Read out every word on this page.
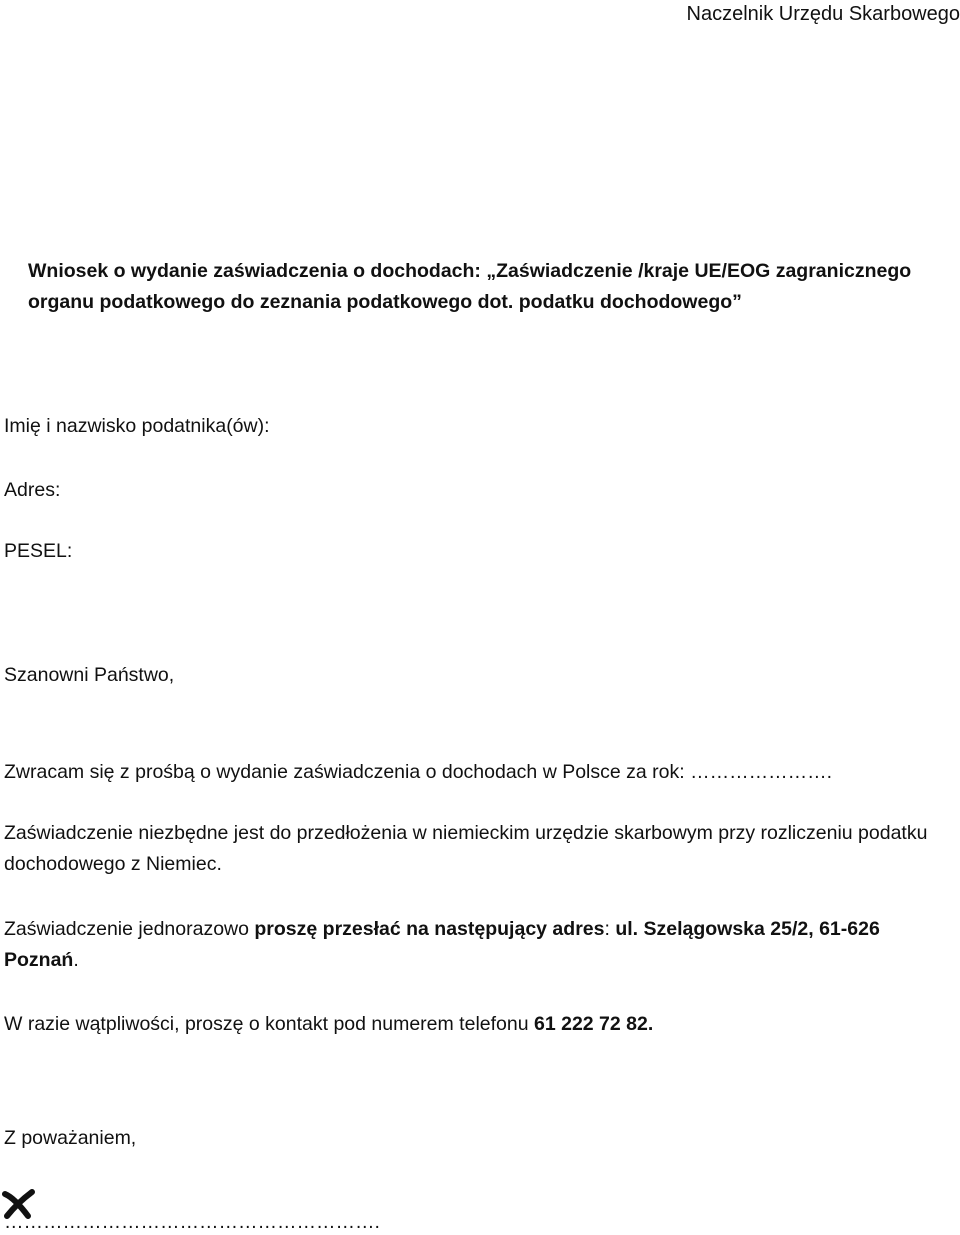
Naczelnik Urzędu Skarbowego
Wniosek o wydanie zaświadczenia o dochodach: „Zaświadczenie /kraje UE/EOG zagranicznego
organu podatkowego do zeznania podatkowego dot. podatku dochodowego”
Imię i nazwisko podatnika(ów):
Adres:
PESEL:
Szanowni Państwo,
Zwracam się z prośbą o wydanie zaświadczenia o dochodach w Polsce za rok: ………………….
Zaświadczenie niezbędne jest do przedłożenia w niemieckim urzędzie skarbowym przy rozliczeniu podatku dochodowego z Niemiec.
Zaświadczenie jednorazowo proszę przesłać na następujący adres: ul. Szelągowska 25/2, 61-626 Poznań.
W razie wątpliwości, proszę o kontakt pod numerem telefonu 61 222 72 82.
Z poważaniem,
………………………………………………….
